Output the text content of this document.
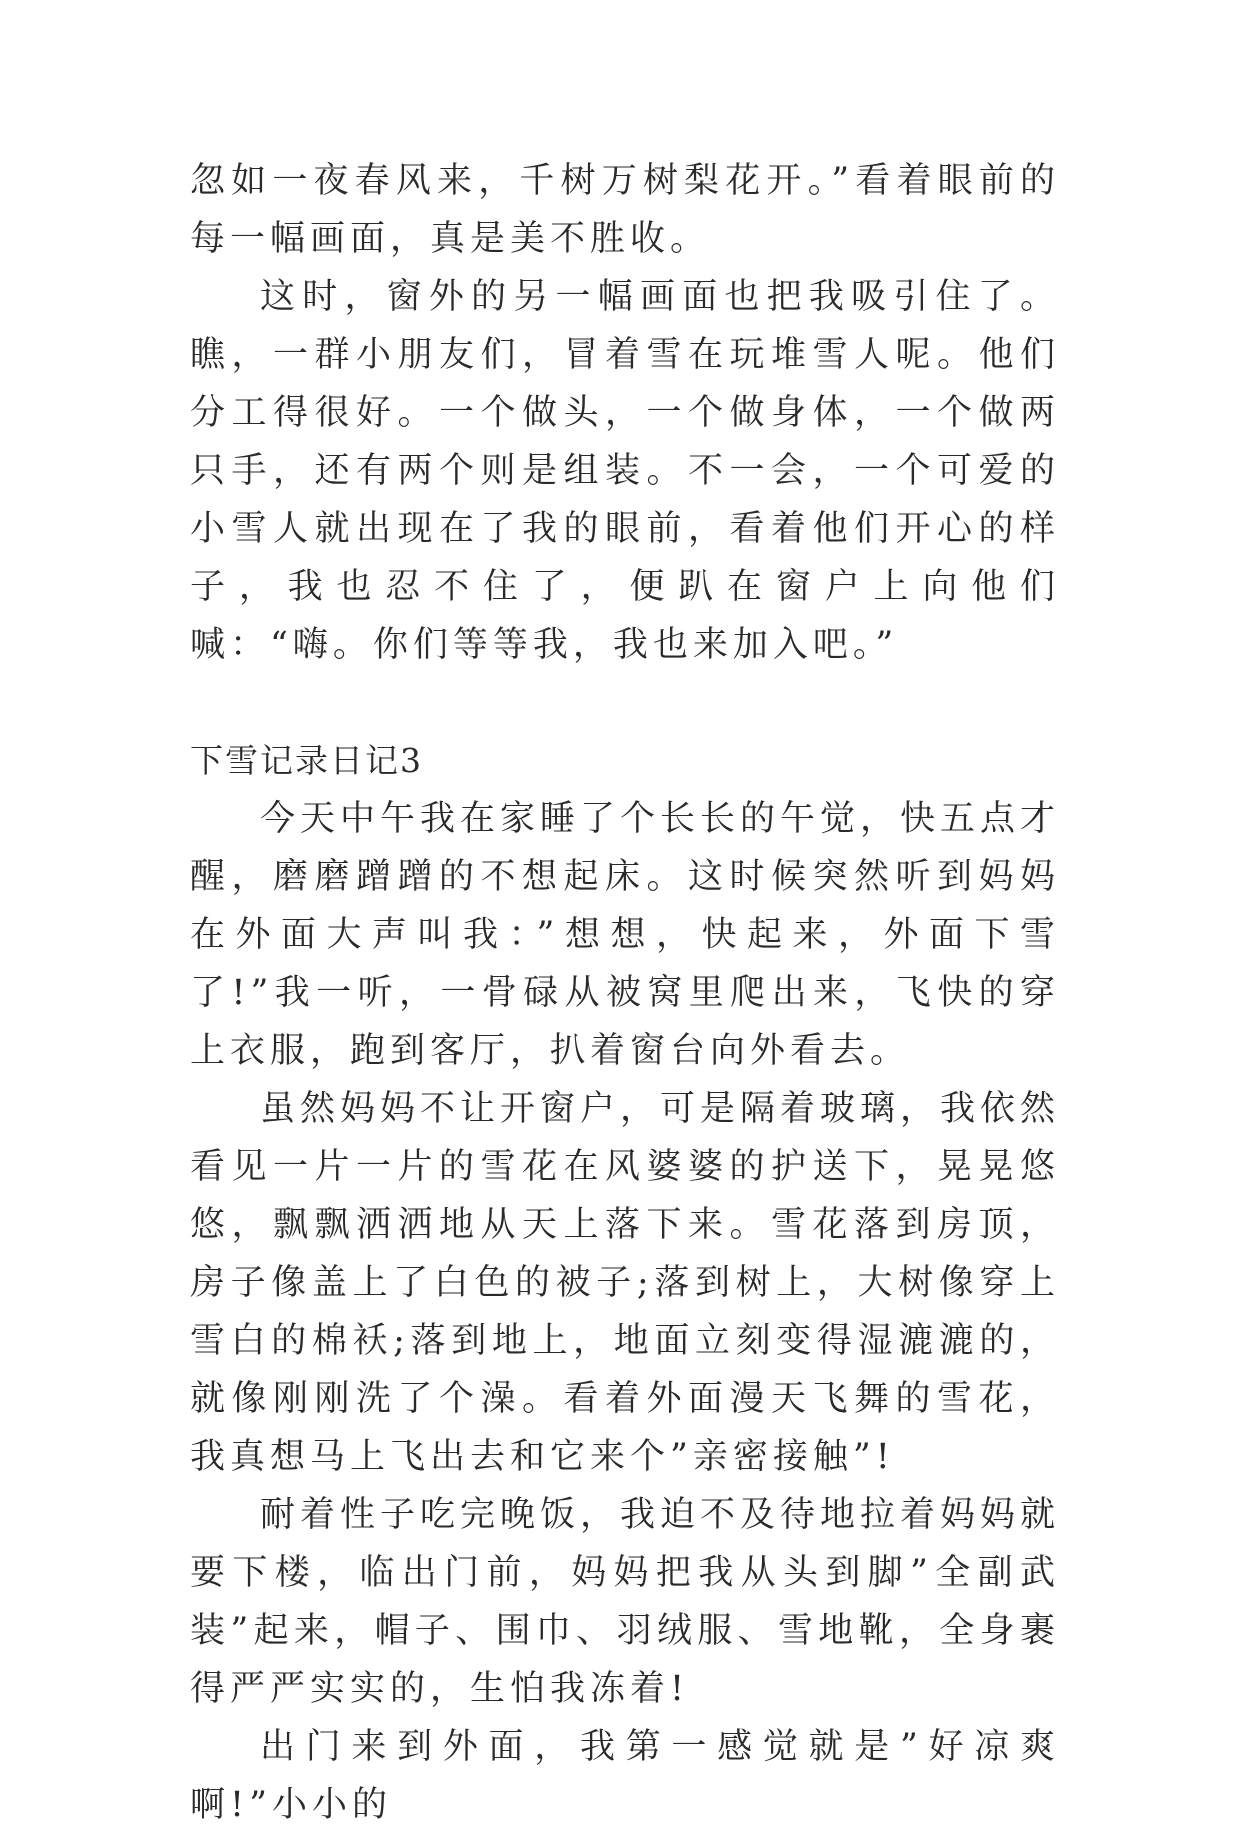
忽如一夜春风来，千树万树梨花开。”看着眼前的每一幅画面，真是美不胜收。

这时，窗外的另一幅画面也把我吸引住了。瞧，一群小朋友们，冒着雪在玩堆雪人呢。他们分工得很好。一个做头，一个做身体，一个做两只手，还有两个则是组装。不一会，一个可爱的小雪人就出现在了我的眼前，看着他们开心的样子，我也忍不住了，便趴在窗户上向他们喊：“嗨。你们等等我，我也来加入吧。”

下雪记录日记3

今天中午我在家睡了个长长的午觉，快五点才醒，磨磨蹭蹭的不想起床。这时候突然听到妈妈在外面大声叫我：”想想，快起来，外面下雪了!”我一听，一骨碌从被窝里爬出来，飞快的穿上衣服，跑到客厅，扒着窗台向外看去。

虽然妈妈不让开窗户，可是隔着玻璃，我依然看见一片一片的雪花在风婆婆的护送下，晃晃悠悠，飘飘洒洒地从天上落下来。雪花落到房顶，房子像盖上了白色的被子;落到树上，大树像穿上雪白的棉袄;落到地上，地面立刻变得湿漉漉的，就像刚刚洗了个澡。看着外面漫天飞舞的雪花，我真想马上飞出去和它来个”亲密接触”!

耐着性子吃完晚饭，我迫不及待地拉着妈妈就要下楼，临出门前，妈妈把我从头到脚”全副武装”起来，帽子、围巾、羽绒服、雪地靴，全身裹得严严实实的，生怕我冻着!

出门来到外面，我第一感觉就是”好凉爽啊!”小小的
